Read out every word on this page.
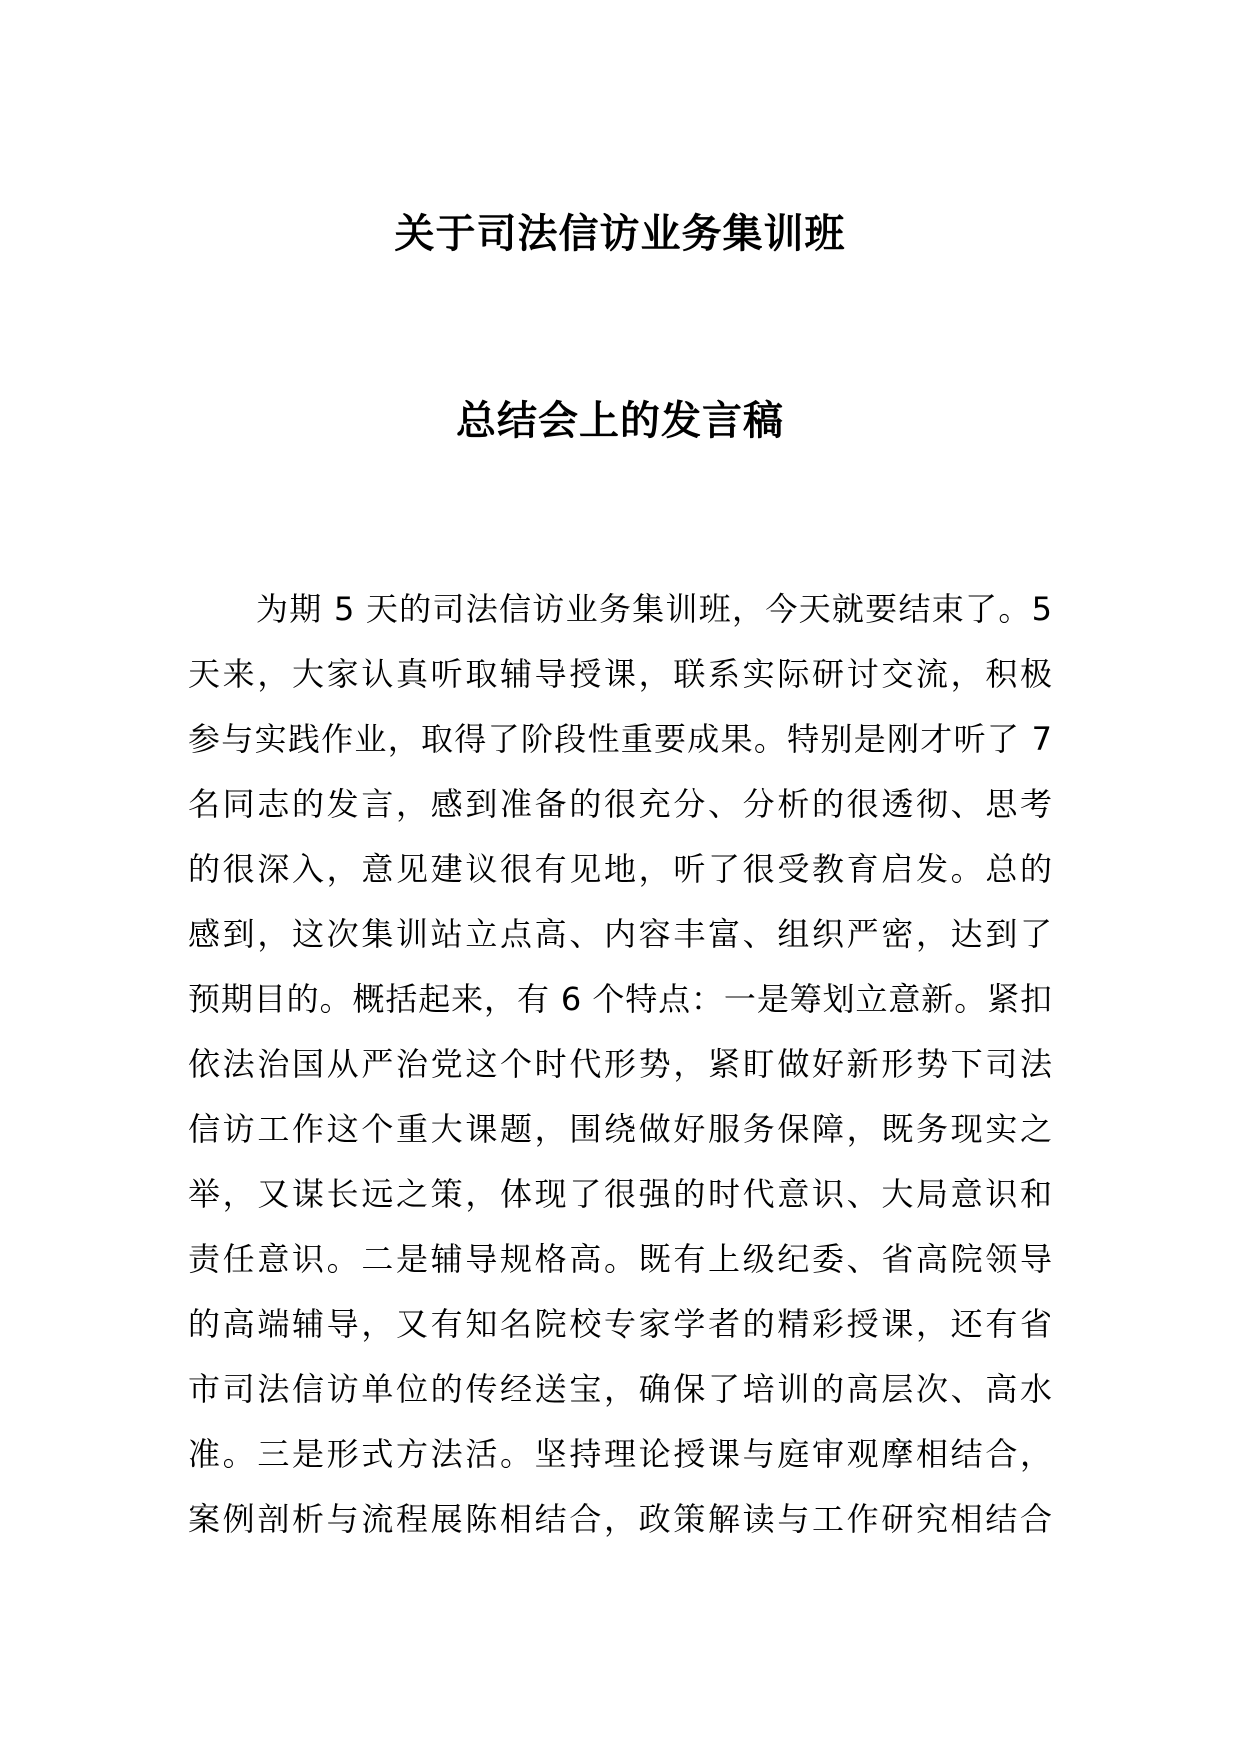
关于司法信访业务集训班
总结会上的发言稿
为期 5 天的司法信访业务集训班，今天就要结束了。5
天来，大家认真听取辅导授课，联系实际研讨交流，积极
参与实践作业，取得了阶段性重要成果。特别是刚才听了 7
名同志的发言，感到准备的很充分、分析的很透彻、思考
的很深入，意见建议很有见地，听了很受教育启发。总的
感到，这次集训站立点高、内容丰富、组织严密，达到了
预期目的。概括起来，有 6 个特点：一是筹划立意新。紧扣
依法治国从严治党这个时代形势，紧盯做好新形势下司法
信访工作这个重大课题，围绕做好服务保障，既务现实之
举，又谋长远之策，体现了很强的时代意识、大局意识和
责任意识。二是辅导规格高。既有上级纪委、省高院领导
的高端辅导，又有知名院校专家学者的精彩授课，还有省
市司法信访单位的传经送宝，确保了培训的高层次、高水
准。三是形式方法活。坚持理论授课与庭审观摩相结合，
案例剖析与流程展陈相结合，政策解读与工作研究相结合
